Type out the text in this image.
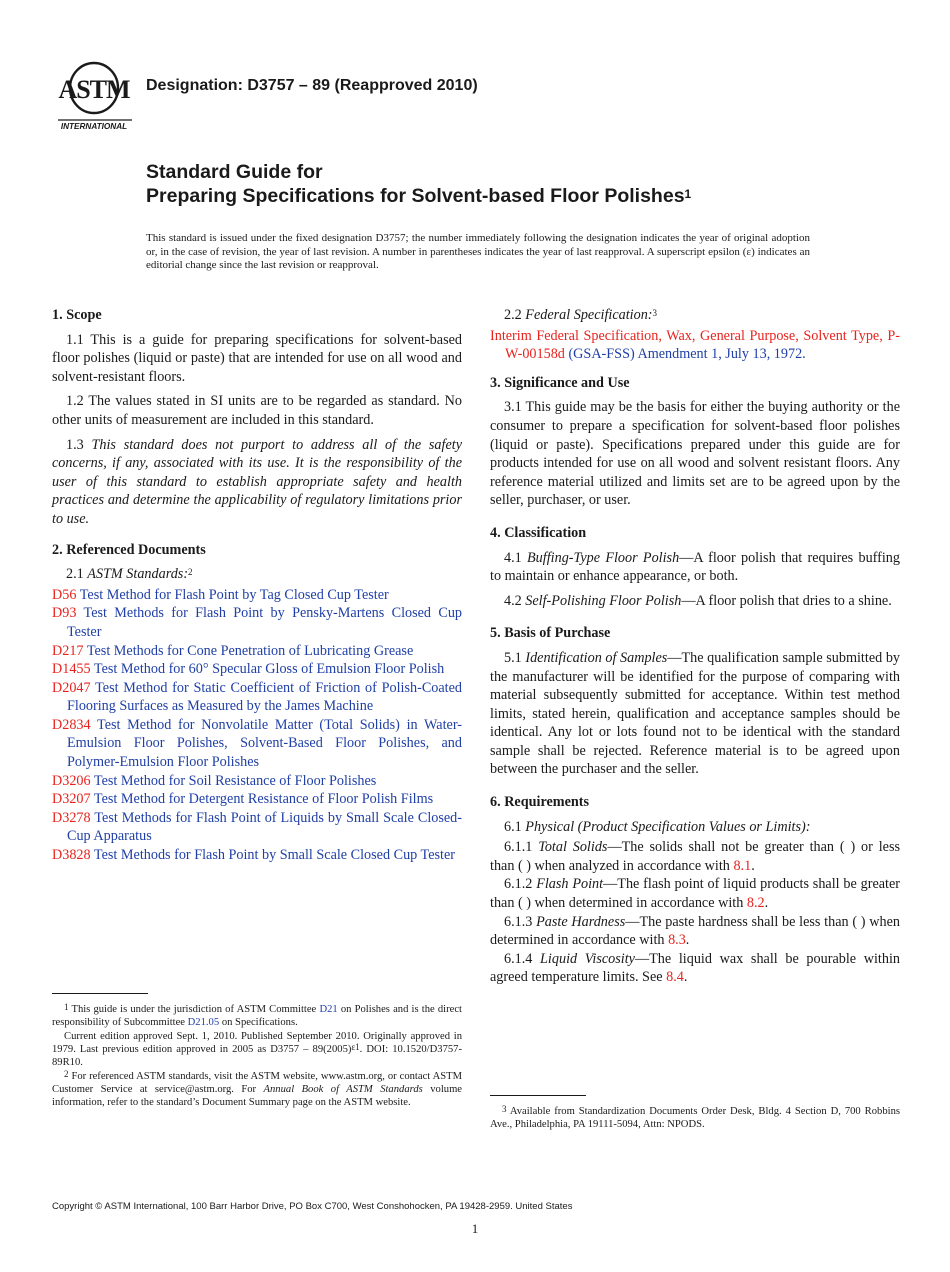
ASTM
INTERNATIONAL
Designation: D3757 – 89 (Reapproved 2010)
Standard Guide for
Preparing Specifications for Solvent-based Floor Polishes$^1$
This standard is issued under the fixed designation D3757; the number immediately following the designation indicates the year of original adoption or, in the case of revision, the year of last revision. A number in parentheses indicates the year of last reapproval. A superscript epsilon (ε) indicates an editorial change since the last revision or reapproval.
1. Scope

1.1 This is a guide for preparing specifications for solvent-based floor polishes (liquid or paste) that are intended for use on all wood and solvent-resistant floors.

1.2 The values stated in SI units are to be regarded as standard. No other units of measurement are included in this standard.

1.3 This standard does not purport to address all of the safety concerns, if any, associated with its use. It is the responsibility of the user of this standard to establish appropriate safety and health practices and determine the applicability of regulatory limitations prior to use.

2. Referenced Documents

2.1 ASTM Standards:$^2$

D56 Test Method for Flash Point by Tag Closed Cup Tester

D93 Test Methods for Flash Point by Pensky-Martens Closed Cup Tester

D217 Test Methods for Cone Penetration of Lubricating Grease

D1455 Test Method for 60° Specular Gloss of Emulsion Floor Polish

D2047 Test Method for Static Coefficient of Friction of Polish-Coated Flooring Surfaces as Measured by the James Machine

D2834 Test Method for Nonvolatile Matter (Total Solids) in Water-Emulsion Floor Polishes, Solvent-Based Floor Polishes, and Polymer-Emulsion Floor Polishes

D3206 Test Method for Soil Resistance of Floor Polishes

D3207 Test Method for Detergent Resistance of Floor Polish Films

D3278 Test Methods for Flash Point of Liquids by Small Scale Closed-Cup Apparatus

D3828 Test Methods for Flash Point by Small Scale Closed Cup Tester

2.2 Federal Specification:$^3$

Interim Federal Specification, Wax, General Purpose, Solvent Type, P-W-00158d (GSA-FSS) Amendment 1, July 13, 1972.

3. Significance and Use

3.1 This guide may be the basis for either the buying authority or the consumer to prepare a specification for solvent-based floor polishes (liquid or paste). Specifications prepared under this guide are for products intended for use on all wood and solvent resistant floors. Any reference material utilized and limits set are to be agreed upon by the seller, purchaser, or user.

4. Classification

4.1 Buffing-Type Floor Polish—A floor polish that requires buffing to maintain or enhance appearance, or both.

4.2 Self-Polishing Floor Polish—A floor polish that dries to a shine.

5. Basis of Purchase

5.1 Identification of Samples—The qualification sample submitted by the manufacturer will be identified for the purpose of comparing with material subsequently submitted for acceptance. Within test method limits, stated herein, qualification and acceptance samples should be identical. Any lot or lots found not to be identical with the standard sample shall be rejected. Reference material is to be agreed upon between the purchaser and the seller.

6. Requirements

6.1 Physical (Product Specification Values or Limits):

6.1.1 Total Solids—The solids shall not be greater than ( ) or less than ( ) when analyzed in accordance with 8.1.

6.1.2 Flash Point—The flash point of liquid products shall be greater than ( ) when determined in accordance with 8.2.

6.1.3 Paste Hardness—The paste hardness shall be less than ( ) when determined in accordance with 8.3.

6.1.4 Liquid Viscosity—The liquid wax shall be pourable within agreed temperature limits. See 8.4.

$^1$ This guide is under the jurisdiction of ASTM Committee D21 on Polishes and is the direct responsibility of Subcommittee D21.05 on Specifications.

Current edition approved Sept. 1, 2010. Published September 2010. Originally approved in 1979. Last previous edition approved in 2005 as $D3757 - 89(2005)^{\varepsilon 1}$. DOI: 10.1520/D3757-89R10.

$^2$ For referenced ASTM standards, visit the ASTM website, www.astm.org, or contact ASTM Customer Service at service@astm.org. For Annual Book of ASTM Standards volume information, refer to the standard’s Document Summary page on the ASTM website.

$^3$ Available from Standardization Documents Order Desk, Bldg. 4 Section D, 700 Robbins Ave., Philadelphia, PA 19111-5094, Attn: NPODS.

Copyright © ASTM International, 100 Barr Harbor Drive, PO Box C700, West Conshohocken, PA 19428-2959. United States
1
